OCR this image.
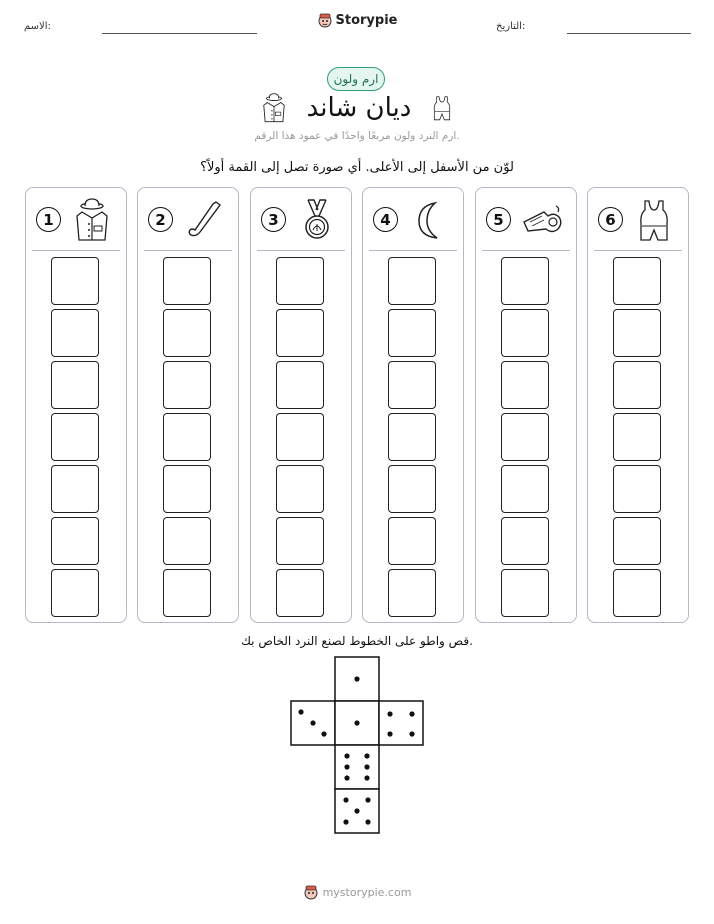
الاسم:	التاريخ:
Storypie
ارم ولون
ديان شاند
ارم النرد ولون مربعًا واحدًا في عمود هذا الرقم.
لوّن من الأسفل إلى الأعلى. أي صورة تصل إلى القمة أولاً؟
1	2	3	4	5	6
قص واطو على الخطوط لصنع النرد الخاص بك.
mystorypie.com
